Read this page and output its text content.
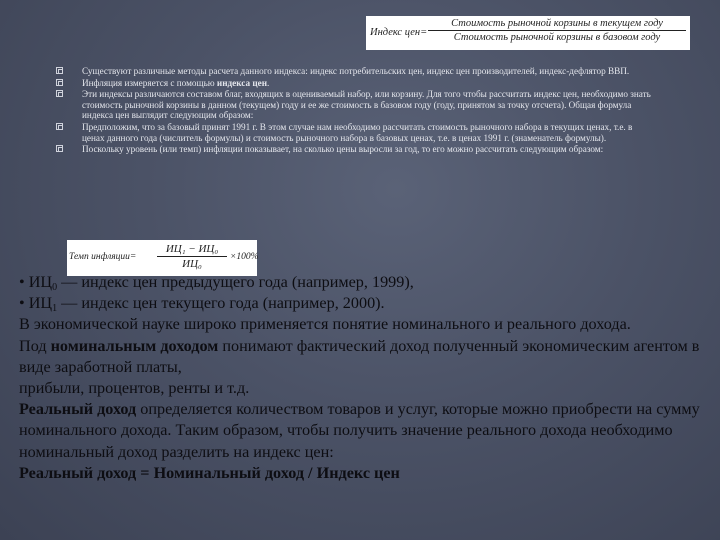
Индекс цен=
Стоимость рыночной корзины в текущем году
Стоимость рыночной корзины в базовом году
Существуют различные методы расчета данного индекса: индекс потребительских цен, индекс цен производителей, индекс-дефлятор ВВП.
Инфляция измеряется с помощью индекса цен.
Эти индексы различаются составом благ, входящих в оцениваемый набор, или корзину. Для того чтобы рассчитать индекс цен, необходимо знать стоимость рыночной корзины в данном (текущем) году и ее же стоимость в базовом году (году, принятом за точку отсчета). Общая формула индекса цен выглядит следующим образом:
Предположим, что за базовый принят 1991 г. В этом случае нам необходимо рассчитать стоимость рыночного набора в текущих ценах, т.е. в ценах данного года (числитель формулы) и стоимость рыночного набора в базовых ценах, т.е. в ценах 1991 г. (знаменатель формулы).
Поскольку уровень (или темп) инфляции показывает, на сколько цены выросли за год, то его можно рассчитать следующим образом:
Темп инфляции=
ИЦ₁ − ИЦ₀
ИЦ₀
×100%

• $ИЦ_0$ — индекс цен предыдущего года (например, 1999),

• $ИЦ_1$ — индекс цен текущего года (например, 2000).

В экономической науке широко применяется понятие номинального и реального дохода.

Под номинальным доходом понимают фактический доход полученный экономическим агентом в виде заработной платы,

прибыли, процентов, ренты и т.д.

Реальный доход определяется количеством товаров и услуг, которые можно приобрести на сумму номинального дохода. Таким образом, чтобы получить значение реального дохода необходимо номинальный доход разделить на индекс цен:

Реальный доход = Номинальный доход / Индекс цен
